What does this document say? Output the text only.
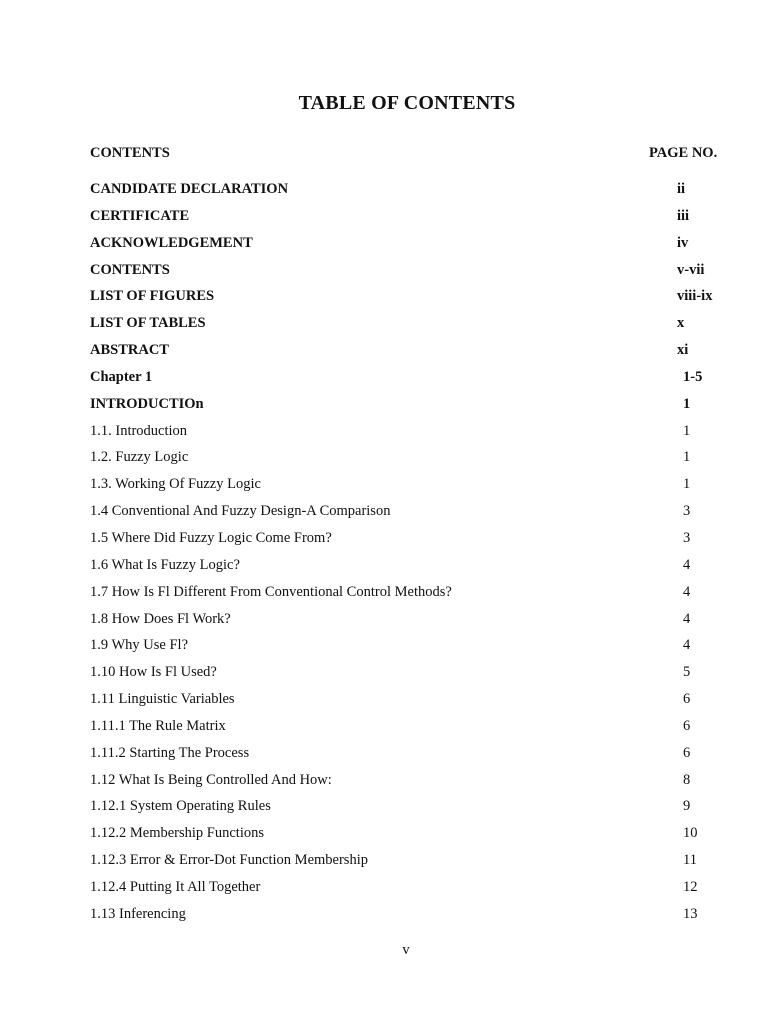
TABLE OF CONTENTS
CONTENTS	PAGE NO.
CANDIDATE DECLARATION	ii
CERTIFICATE	iii
ACKNOWLEDGEMENT	iv
CONTENTS	v-vii
LIST OF FIGURES	viii-ix
LIST OF TABLES	x
ABSTRACT	xi
Chapter 1	1-5
INTRODUCTIOn	1
1.1. Introduction	1
1.2. Fuzzy Logic	1
1.3. Working Of Fuzzy Logic	1
1.4 Conventional And Fuzzy Design-A Comparison	3
1.5 Where Did Fuzzy Logic Come From?	3
1.6 What Is Fuzzy Logic?	4
1.7 How Is Fl Different From Conventional Control Methods?	4
1.8 How Does Fl Work?	4
1.9 Why Use Fl?	4
1.10 How Is Fl Used?	5
1.11 Linguistic Variables	6
1.11.1 The Rule Matrix	6
1.11.2 Starting The Process	6
1.12 What Is Being Controlled And How:	8
1.12.1 System Operating Rules	9
1.12.2 Membership Functions	10
1.12.3 Error & Error-Dot Function Membership	11
1.12.4 Putting It All Together	12
1.13 Inferencing	13
v
